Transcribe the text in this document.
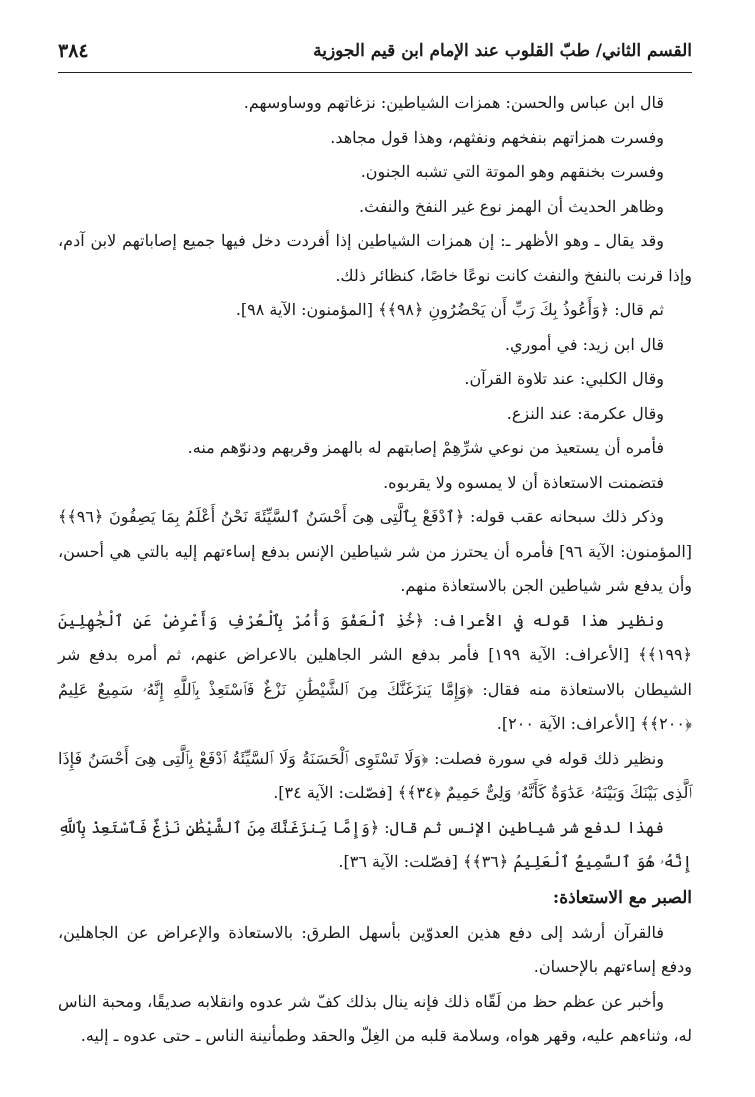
القسم الثاني/ طبّ القلوب عند الإمام ابن قيم الجوزية
٣٨٤

قال ابن عباس والحسن: همزات الشياطين: نزغاتهم ووساوسهم.

وفسرت همزاتهم بنفخهم ونفثهم، وهذا قول مجاهد.

وفسرت بخنقهم وهو الموتة التي تشبه الجنون.

وظاهر الحديث أن الهمز نوع غير النفخ والنفث.

وقد يقال ـ وهو الأظهر ـ: إن همزات الشياطين إذا أفردت دخل فيها جميع إصاباتهم لابن آدم، وإذا قرنت بالنفخ والنفث كانت نوعًا خاصًا، كنظائر ذلك.

ثم قال: ﴿وَأَعُوذُ بِكَ رَبِّ أَن يَحْضُرُونِ ﴿٩٨﴾﴾ [المؤمنون: الآية ٩٨].

قال ابن زيد: في أموري.

وقال الكلبي: عند تلاوة القرآن.

وقال عكرمة: عند النزع.

فأمره أن يستعيذ من نوعي شرِّهِمْ إصابتهم له بالهمز وقربهم ودنوّهم منه.

فتضمنت الاستعاذة أن لا يمسوه ولا يقربوه.

وذكر ذلك سبحانه عقب قوله: ﴿ٱدْفَعْ بِٱلَّتِى هِىَ أَحْسَنُ ٱلسَّيِّئَةَ نَحْنُ أَعْلَمُ بِمَا يَصِفُونَ ﴿٩٦﴾﴾ [المؤمنون: الآية ٩٦] فأمره أن يحترز من شر شياطين الإنس بدفع إساءتهم إليه بالتي هي أحسن، وأن يدفع شر شياطين الجن بالاستعاذة منهم.

ونظير هذا قوله في الأعراف: ﴿خُذِ ٱلْعَفْوَ وَأْمُرْ بِٱلْعُرْفِ وَأَعْرِضْ عَنِ ٱلْجَٰهِلِينَ ﴿١٩٩﴾﴾ [الأعراف: الآية ١٩٩] فأمر بدفع الشر الجاهلين بالاعراض عنهم، ثم أمره بدفع شر الشيطان بالاستعاذة منه فقال: ﴿وَإِمَّا يَنزَغَنَّكَ مِنَ ٱلشَّيْطَٰنِ نَزْغٌ فَٱسْتَعِذْ بِٱللَّهِ إِنَّهُۥ سَمِيعٌ عَلِيمٌ ﴿٢٠٠﴾﴾ [الأعراف: الآية ٢٠٠].

ونظير ذلك قوله في سورة فصلت: ﴿وَلَا تَسْتَوِى ٱلْحَسَنَةُ وَلَا ٱلسَّيِّئَةُ ٱدْفَعْ بِٱلَّتِى هِىَ أَحْسَنُ فَإِذَا ٱلَّذِى بَيْنَكَ وَبَيْنَهُۥ عَدَٰوَةٌ كَأَنَّهُۥ وَلِىٌّ حَمِيمٌ ﴿٣٤﴾﴾ [فصّلت: الآية ٣٤].

فهذا لدفع شر شياطين الإنس ثم قال: ﴿وَإِمَّا يَنزَغَنَّكَ مِنَ ٱلشَّيْطَٰنِ نَزْغٌ فَٱسْتَعِذْ بِٱللَّهِ إِنَّهُۥ هُوَ ٱلسَّمِيعُ ٱلْعَلِيمُ ﴿٣٦﴾﴾ [فصّلت: الآية ٣٦].

الصبر مع الاستعاذة:

فالقرآن أرشد إلى دفع هذين العدوّين بأسهل الطرق: بالاستعاذة والإعراض عن الجاهلين، ودفع إساءتهم بالإحسان.

وأخبر عن عظم حظ من لَقّاه ذلك فإنه ينال بذلك كفّ شر عدوه وانقلابه صديقًا، ومحبة الناس له، وثناءهم عليه، وقهر هواه، وسلامة قلبه من الغِلّ والحقد وطمأنينة الناس ـ حتى عدوه ـ إليه.
